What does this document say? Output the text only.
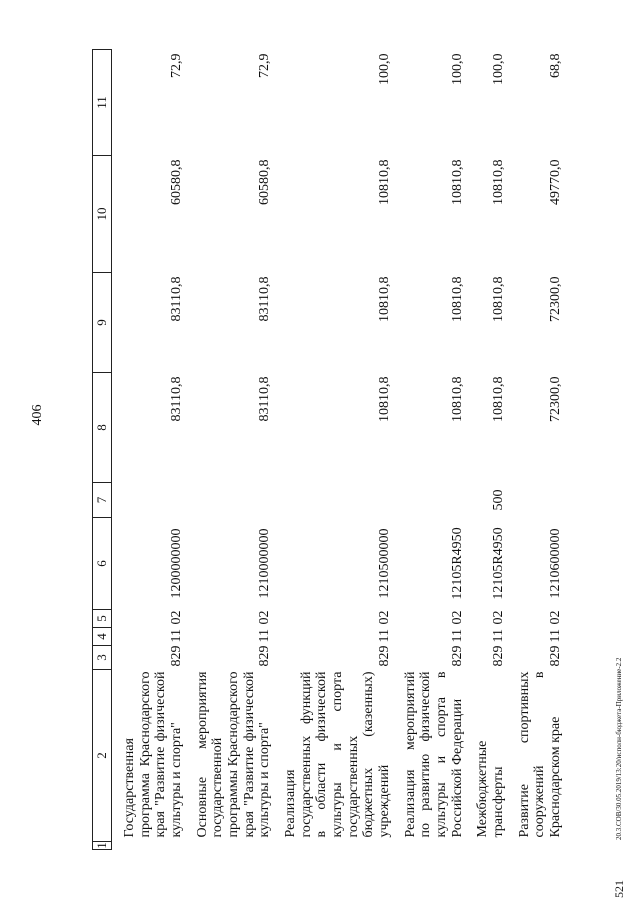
406
20.3.СОВ/30.05.2019/13:20/исполн-бюджета-Приложение-2.2
521
1	2	3	4	5	6	7	8	9	10	11
	Государственная программа Краснодарского края "Развитие физической культуры и спорта"	829	11	02	1200000000		83110,8	83110,8	60580,8	72,9
	Основные мероприятия государственной программы Краснодарского края "Развитие физической культуры и спорта"	829	11	02	1210000000		83110,8	83110,8	60580,8	72,9
	Реализация государственных функций в области физической культуры и спорта государственных бюджетных (казенных) учреждений	829	11	02	1210500000		10810,8	10810,8	10810,8	100,0
	Реализация мероприятий по развитию физической культуры и спорта в Российской Федерации	829	11	02	12105R4950		10810,8	10810,8	10810,8	100,0
	Межбюджетные трансферты	829	11	02	12105R4950	500	10810,8	10810,8	10810,8	100,0
	Развитие спортивных сооружений в Краснодарском крае	829	11	02	1210600000		72300,0	72300,0	49770,0	68,8
